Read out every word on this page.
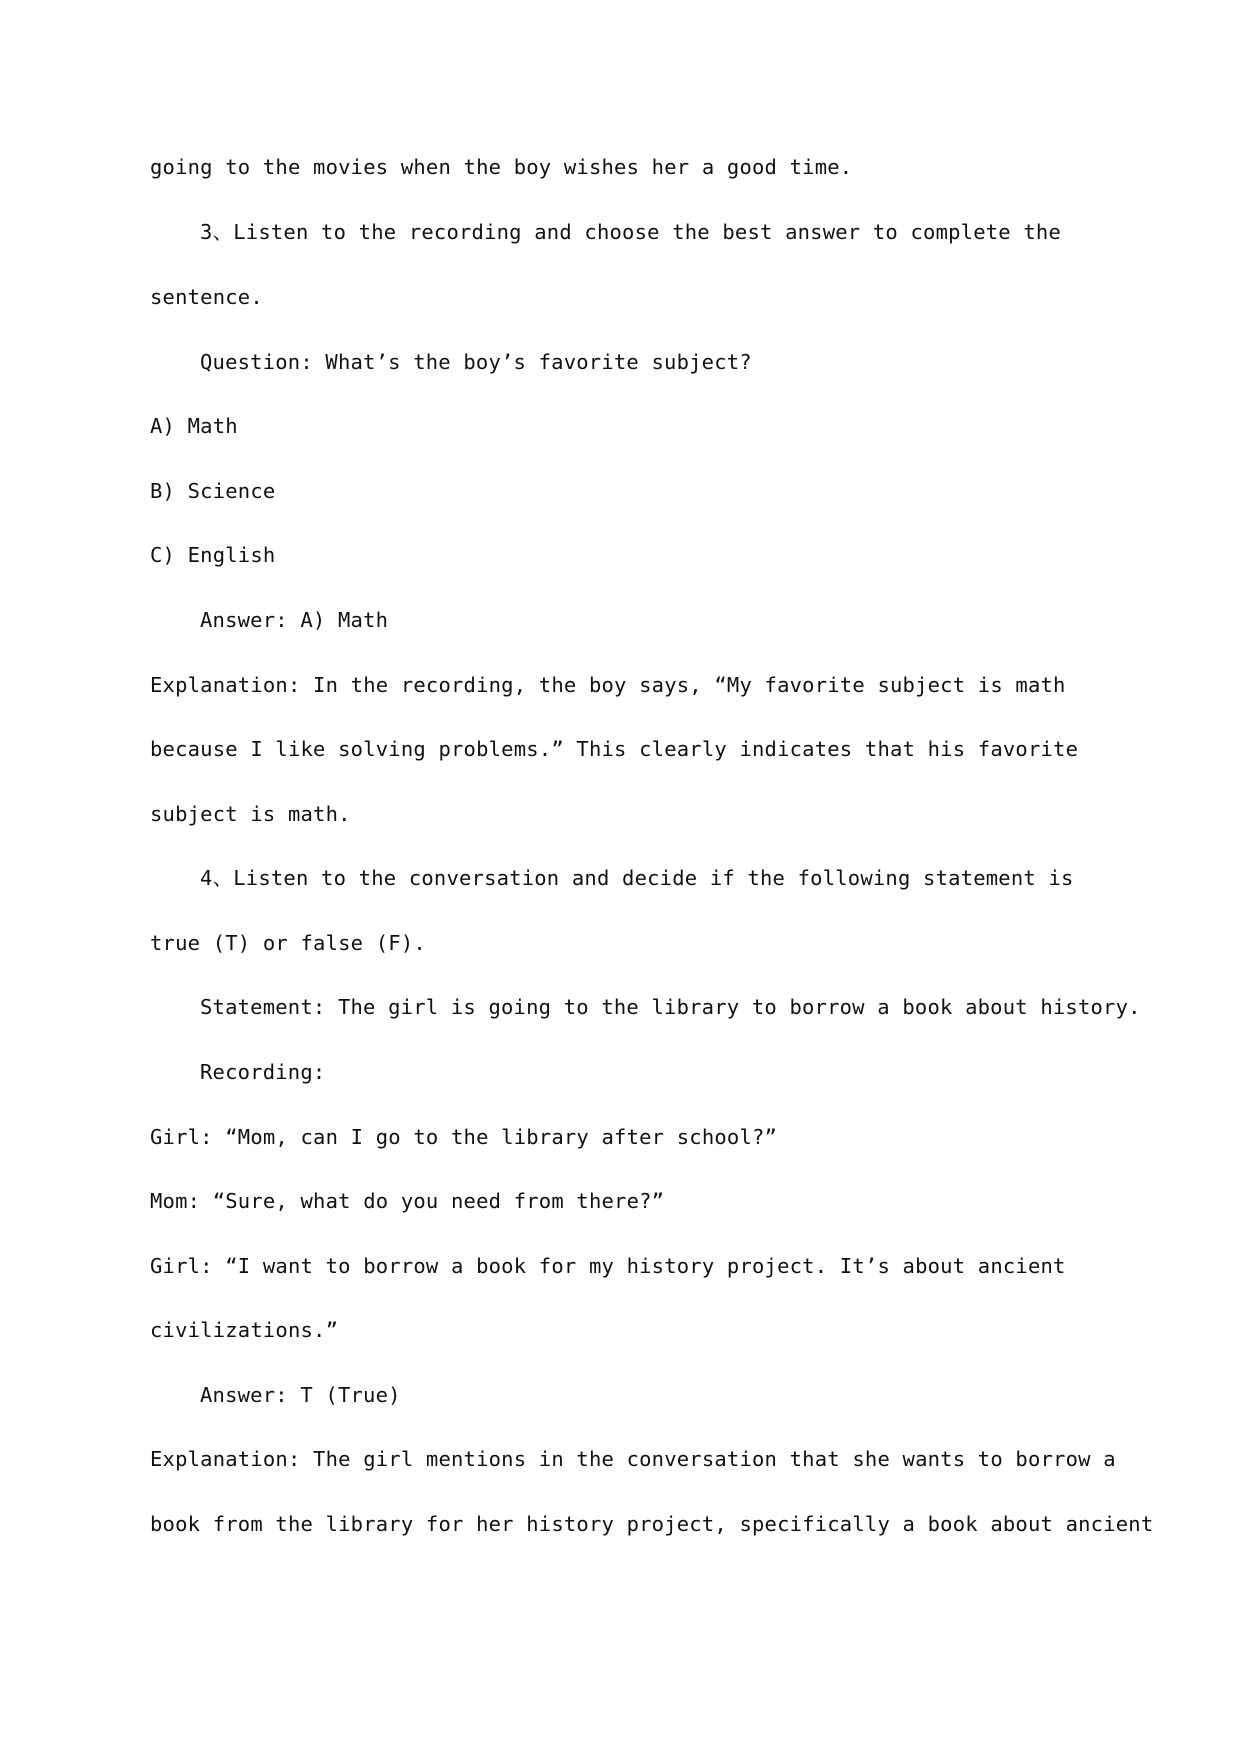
going to the movies when the boy wishes her a good time.
3、Listen to the recording and choose the best answer to complete the
sentence.
Question: What’s the boy’s favorite subject?
A) Math
B) Science
C) English
Answer: A) Math
Explanation: In the recording, the boy says, “My favorite subject is math
because I like solving problems.” This clearly indicates that his favorite
subject is math.
4、Listen to the conversation and decide if the following statement is
true (T) or false (F).
Statement: The girl is going to the library to borrow a book about history.
Recording:
Girl: “Mom, can I go to the library after school?”
Mom: “Sure, what do you need from there?”
Girl: “I want to borrow a book for my history project. It’s about ancient
civilizations.”
Answer: T (True)
Explanation: The girl mentions in the conversation that she wants to borrow a
book from the library for her history project, specifically a book about ancient
